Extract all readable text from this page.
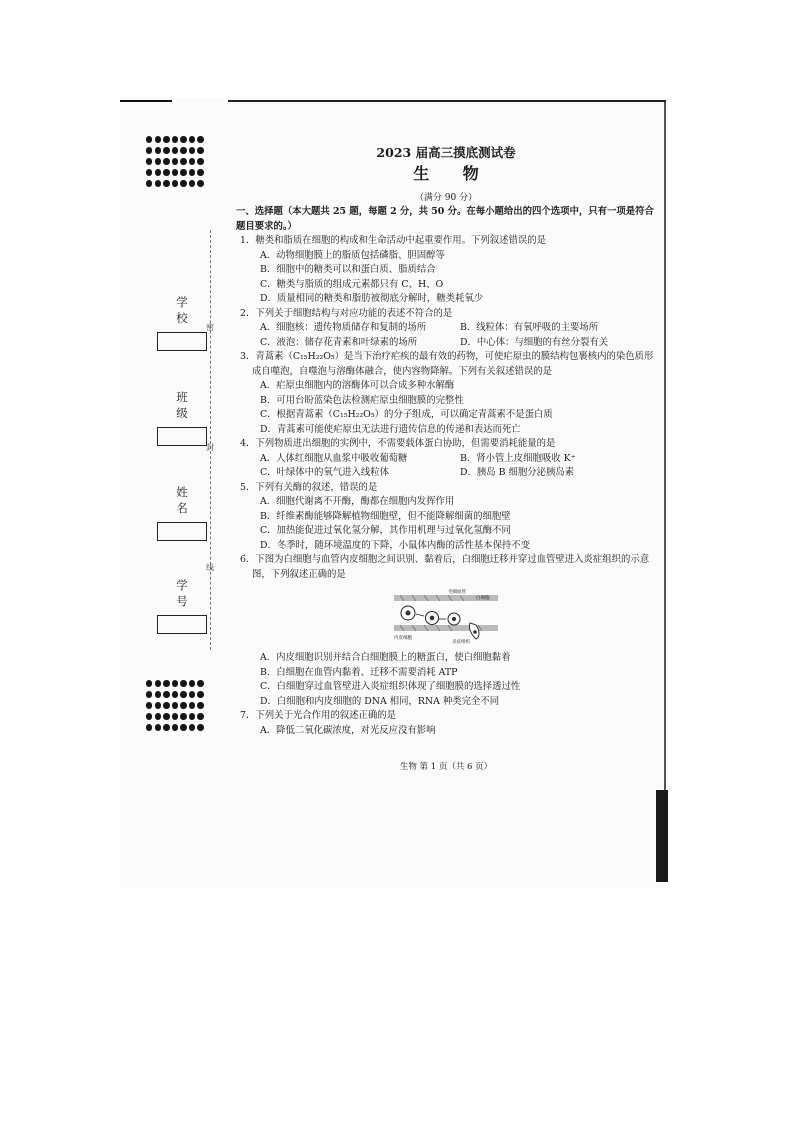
学 校
班 级
姓 名
学 号
密
封
线
2023 届高三摸底测试卷
生 物
（满分 90 分）
一、选择题（本大题共 25 题，每题 2 分，共 50 分。在每小题给出的四个选项中，只有一项是符合题目要求的。）
1．糖类和脂质在细胞的构成和生命活动中起重要作用。下列叙述错误的是
A．动物细胞膜上的脂质包括磷脂、胆固醇等
B．细胞中的糖类可以和蛋白质、脂质结合
C．糖类与脂质的组成元素都只有 C、H、O
D．质量相同的糖类和脂肪被彻底分解时，糖类耗氧少
2．下列关于细胞结构与对应功能的表述不符合的是
A．细胞核：遗传物质储存和复制的场所	B．线粒体：有氧呼吸的主要场所
C．液泡：储存花青素和叶绿素的场所	D．中心体：与细胞的有丝分裂有关
3．青蒿素（C₁₅H₂₂O₅）是当下治疗疟疾的最有效的药物，可使疟原虫的膜结构包裹核内的染色质形成自噬泡，自噬泡与溶酶体融合，使内容物降解。下列有关叙述错误的是
A．疟原虫细胞内的溶酶体可以合成多种水解酶
B．可用台盼蓝染色法检测疟原虫细胞膜的完整性
C．根据青蒿素（C₁₅H₂₂O₅）的分子组成，可以确定青蒿素不是蛋白质
D．青蒿素可能使疟原虫无法进行遗传信息的传递和表达而死亡
4．下列物质进出细胞的实例中，不需要载体蛋白协助，但需要消耗能量的是
A．人体红细胞从血浆中吸收葡萄糖	B．肾小管上皮细胞吸收 K⁺
C．叶绿体中的氧气进入线粒体	D．胰岛 B 细胞分泌胰岛素
5．下列有关酶的叙述，错误的是
A．细胞代谢离不开酶，酶都在细胞内发挥作用
B．纤维素酶能够降解植物细胞壁，但不能降解细菌的细胞壁
C．加热能促进过氧化氢分解，其作用机理与过氧化氢酶不同
D．冬季时，随环境温度的下降，小鼠体内酶的活性基本保持不变
6．下图为白细胞与血管内皮细胞之间识别、黏着后，白细胞迁移并穿过血管壁进入炎症组织的示意图，下列叙述正确的是
毛细血管
白细胞
内皮细胞
炎症组织
A．内皮细胞识别并结合白细胞膜上的糖蛋白，使白细胞黏着
B．白细胞在血管内黏着、迁移不需要消耗 ATP
C．白细胞穿过血管壁进入炎症组织体现了细胞膜的选择透过性
D．白细胞和内皮细胞的 DNA 相同，RNA 种类完全不同
7．下列关于光合作用的叙述正确的是
A．降低二氧化碳浓度，对光反应没有影响
生物 第 1 页（共 6 页）
